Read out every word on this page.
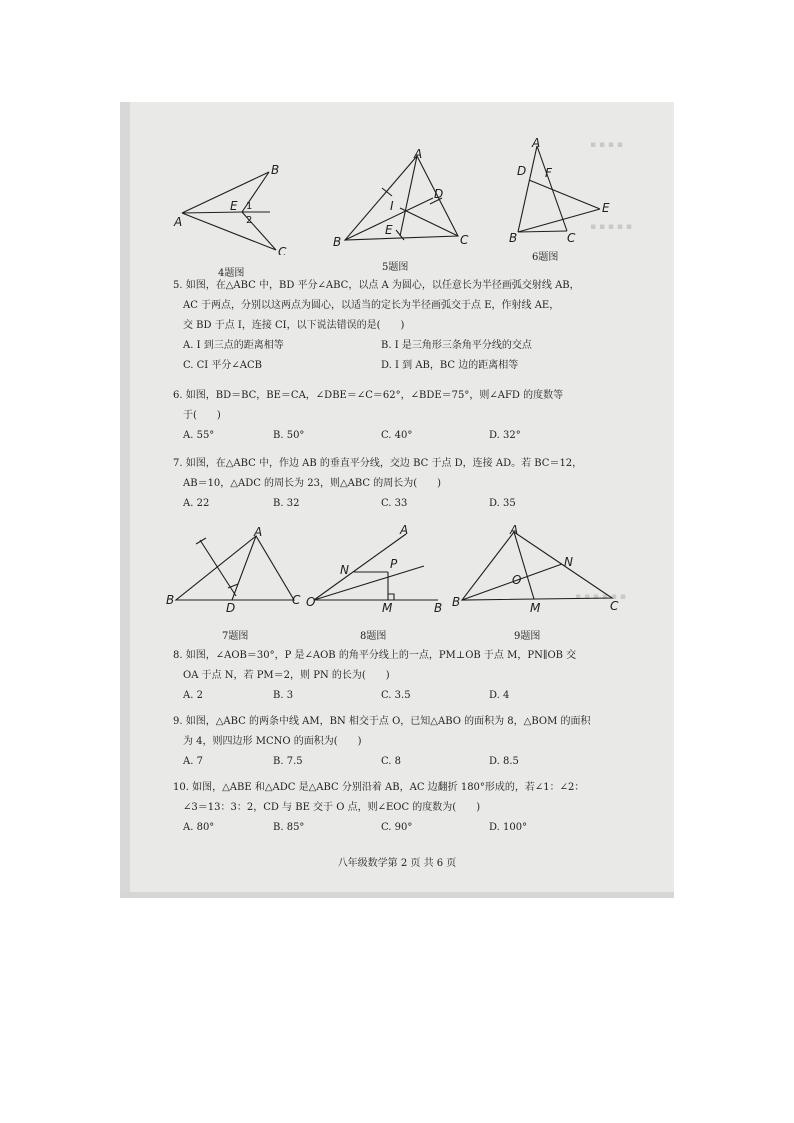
▪ ▪ ▪ ▪
▪ ▪ ▪ ▪ ▪
▪ ▪ ▪ ▪ ▪ ▪
B
A
E 1
2
C
4题图
A
D
I
E
B	C
5题图
A
D F
E
B	C
6题图
5. 如图，在△ABC 中，BD 平分∠ABC，以点 A 为圆心，以任意长为半径画弧交射线 AB，
AC 于两点，分别以这两点为圆心，以适当的定长为半径画弧交于点 E，作射线 AE，
交 BD 于点 I，连接 CI，以下说法错误的是(　　)
A. I 到三点的距离相等	B. I 是三角形三条角平分线的交点
C. CI 平分∠ACB	D. I 到 AB，BC 边的距离相等
6. 如图，BD＝BC，BE＝CA，∠DBE＝∠C＝62°，∠BDE＝75°，则∠AFD 的度数等
于(　　)
A. 55°	B. 50°	C. 40°	D. 32°
7. 如图，在△ABC 中，作边 AB 的垂直平分线，交边 BC 于点 D，连接 AD。若 BC＝12，
AB＝10，△ADC 的周长为 23，则△ABC 的周长为(　　)
A. 22	B. 32	C. 33	D. 35
A
B
D
C
7题图
A
N	P
O	M	B
8题图
A
N
O
B	M	C
9题图
8. 如图，∠AOB＝30°，P 是∠AOB 的角平分线上的一点，PM⊥OB 于点 M，PN∥OB 交
OA 于点 N，若 PM＝2，则 PN 的长为(　　)
A. 2	B. 3	C. 3.5	D. 4
9. 如图，△ABC 的两条中线 AM，BN 相交于点 O，已知△ABO 的面积为 8，△BOM 的面积
为 4，则四边形 MCNO 的面积为(　　)
A. 7	B. 7.5	C. 8	D. 8.5
10. 如图，△ABE 和△ADC 是△ABC 分别沿着 AB，AC 边翻折 180°形成的，若∠1：∠2：
∠3＝13：3：2，CD 与 BE 交于 O 点，则∠EOC 的度数为(　　)
A. 80°	B. 85°	C. 90°	D. 100°
八年级数学第 2 页 共 6 页
